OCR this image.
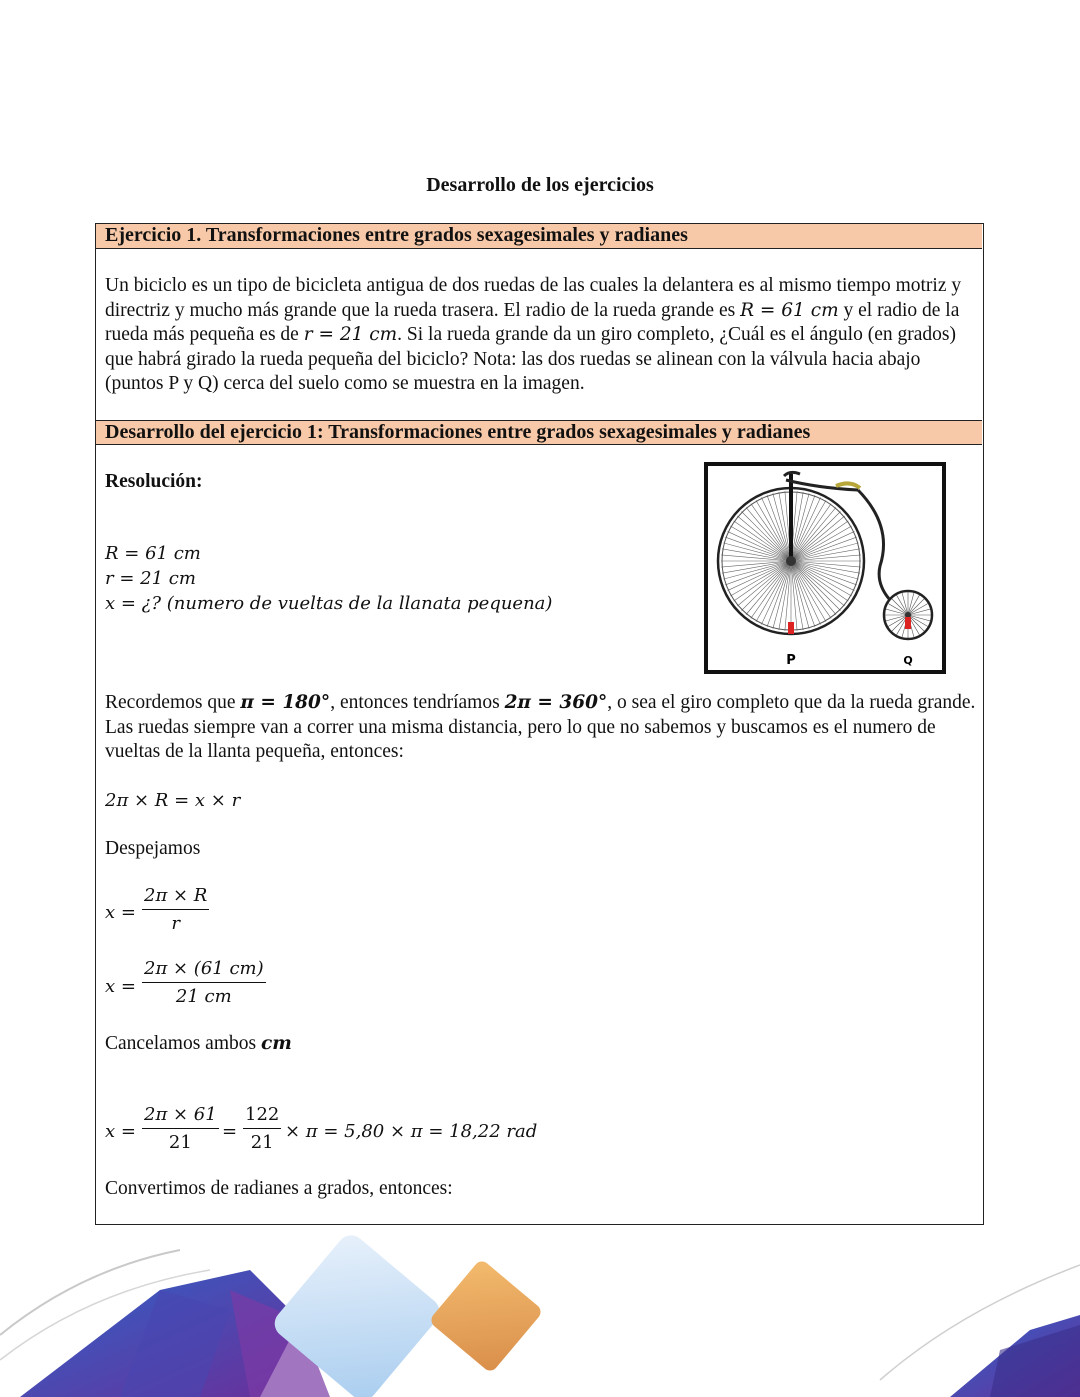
Desarrollo de los ejercicios
Ejercicio 1. Transformaciones entre grados sexagesimales y radianes
Desarrollo del ejercicio 1: Transformaciones entre grados sexagesimales y radianes
Un biciclo es un tipo de bicicleta antigua de dos ruedas de las cuales la delantera es al mismo tiempo motriz y directriz y mucho más grande que la rueda trasera. El radio de la rueda grande es R = 61 cm y el radio de la rueda más pequeña es de r = 21 cm. Si la rueda grande da un giro completo, ¿Cuál es el ángulo (en grados) que habrá girado la rueda pequeña del biciclo? Nota: las dos ruedas se alinean con la válvula hacia abajo (puntos P y Q) cerca del suelo como se muestra en la imagen.
Resolución:
R = 61 cm
r = 21 cm
x = ¿? (numero de vueltas de la llanata pequena)
P	Q
Recordemos que π = 180°, entonces tendríamos 2π = 360°, o sea el giro completo que da la rueda grande. Las ruedas siempre van a correr una misma distancia, pero lo que no sabemos y buscamos es el numero de vueltas de la llanta pequeña, entonces:
2π × R = x × r
Despejamos
$x = \frac{2\pi \times R}{r}$
$x = \frac{2\pi \times (61 cm)}{21 cm}$
Cancelamos ambos cm
$x = \frac{2\pi \times 61}{21} = \frac{122}{21} \times \pi = 5,80 \times \pi = 18,22$ rad
Convertimos de radianes a grados, entonces:
